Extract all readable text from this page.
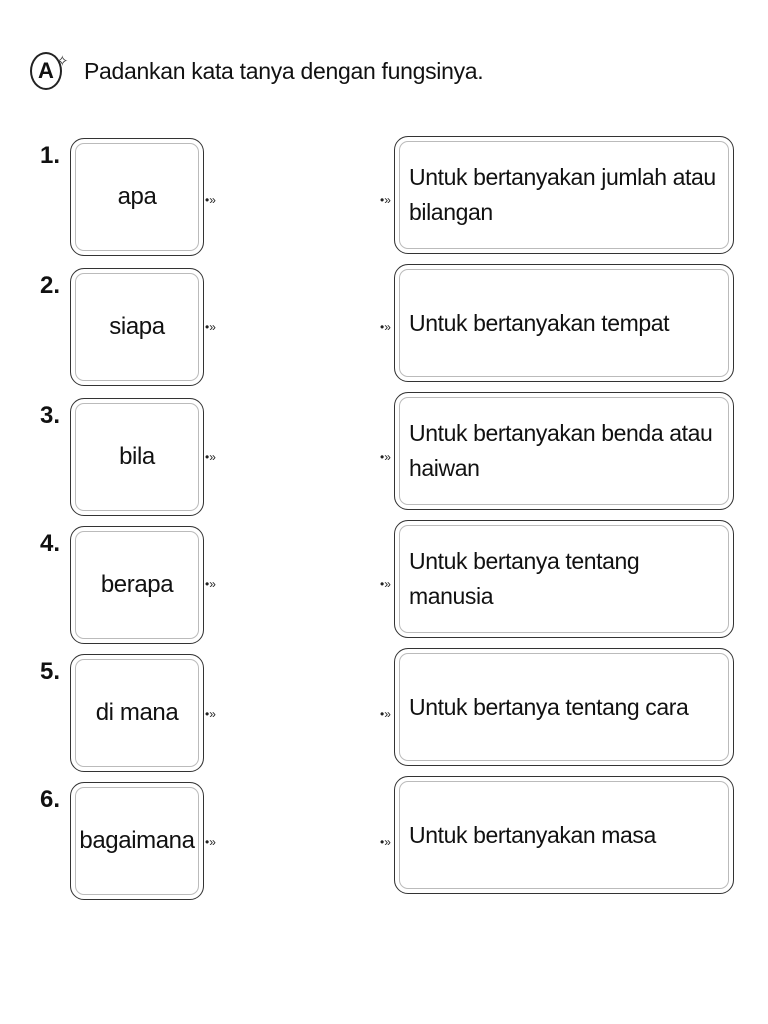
A ✧ Padankan kata tanya dengan fungsinya.
1.
apa	•»	•»
Untuk bertanyakan jumlah atau bilangan
2.
siapa	•»	•» Untuk bertanyakan tempat
3.
bila	•»	•»
Untuk bertanyakan benda atau haiwan
4.
berapa	•»	•»
Untuk bertanya tentang manusia
5.
di mana •»	•» Untuk bertanya tentang cara
6.
bagaimana •»	•» Untuk bertanyakan masa
